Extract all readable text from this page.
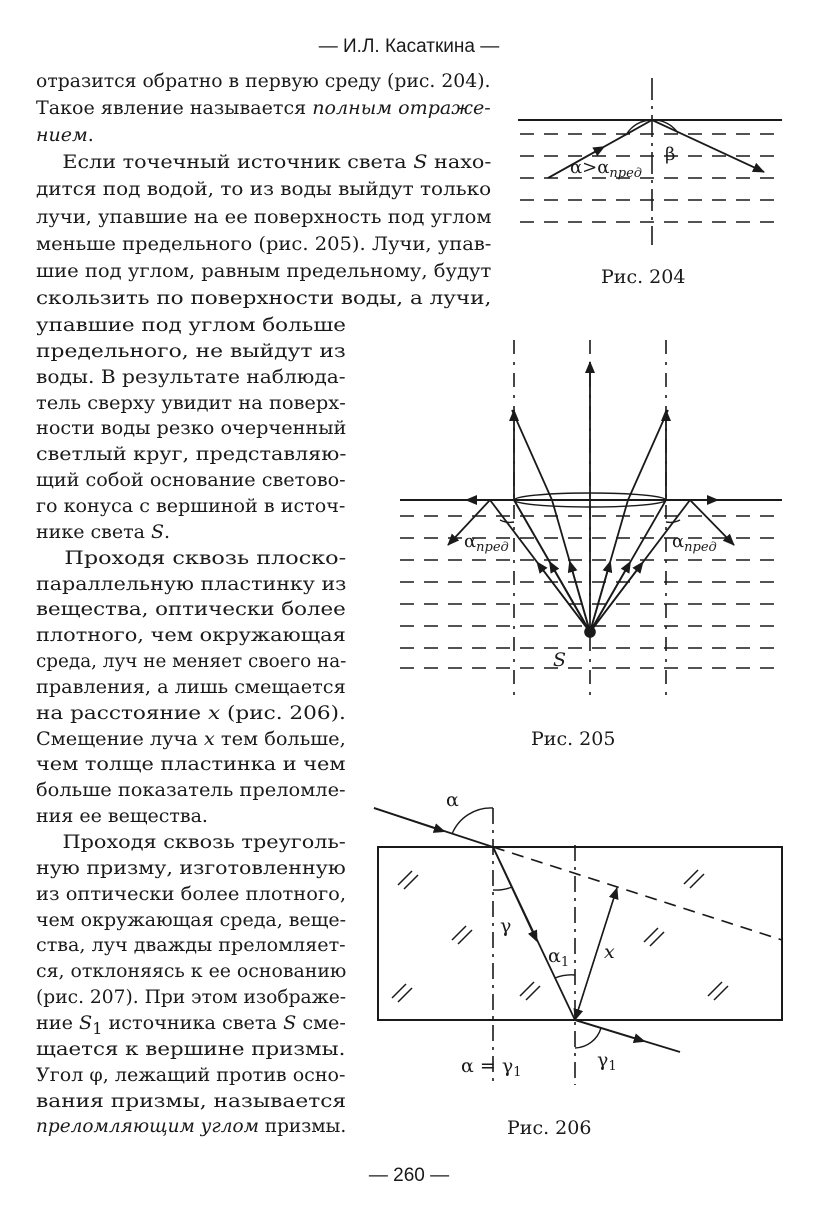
— И.Л. Касаткина —
отразится обратно в первую среду (рис. 204).
Такое явление называется полным отраже-
нием.
Если точечный источник света S нахо-
дится под водой, то из воды выйдут только
лучи, упавшие на ее поверхность под углом
меньше предельного (рис. 205). Лучи, упав-
шие под углом, равным предельному, будут
скользить по поверхности воды, а лучи,
упавшие под углом больше
предельного, не выйдут из
воды. В результате наблюда-
тель сверху увидит на поверх-
ности воды резко очерченный
светлый круг, представляю-
щий собой основание светово-
го конуса с вершиной в источ-
нике света S.
Проходя сквозь плоско-
параллельную пластинку из
вещества, оптически более
плотного, чем окружающая
среда, луч не меняет своего на-
правления, а лишь смещается
на расстояние x (рис. 206).
Смещение луча x тем больше,
чем толще пластинка и чем
больше показатель преломле-
ния ее вещества.
Проходя сквозь треуголь-
ную призму, изготовленную
из оптически более плотного,
чем окружающая среда, веще-
ства, луч дважды преломляет-
ся, отклоняясь к ее основанию
(рис. 207). При этом изображе-
ние $S_1$ источника света S сме-
щается к вершине призмы.
Угол φ, лежащий против осно-
вания призмы, называется
преломляющим углом призмы.
$\alpha>\alpha_{пред}$
β
$\alpha_{пред}$	$\alpha_{пред}$
S
α
γ
$\alpha_1$ x
$\alpha = \gamma_1$
$\gamma_1$
Рис. 204
Рис. 205
Рис. 206
— 260 —
